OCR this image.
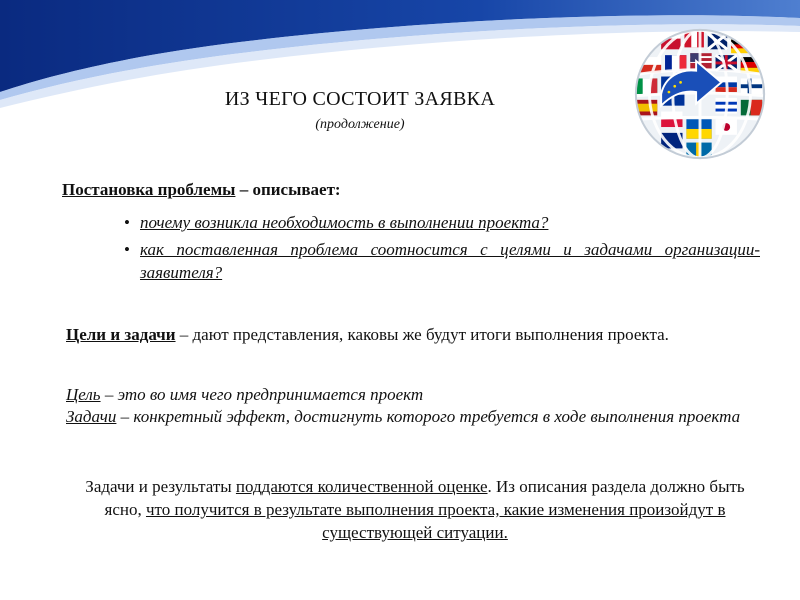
ИЗ ЧЕГО СОСТОИТ ЗАЯВКА
(продолжение)
Постановка проблемы – описывает:
• почему возникла необходимость в выполнении проекта?
• как поставленная проблема соотносится с целями и задачами организации-заявителя?
Цели и задачи – дают представления, каковы же будут итоги выполнения проекта.
Цель – это во имя чего предпринимается проект
Задачи – конкретный эффект, достигнуть которого требуется в ходе выполнения проекта
Задачи и результаты поддаются количественной оценке. Из описания раздела должно быть ясно, что получится в результате выполнения проекта, какие изменения произойдут в существующей ситуации.
